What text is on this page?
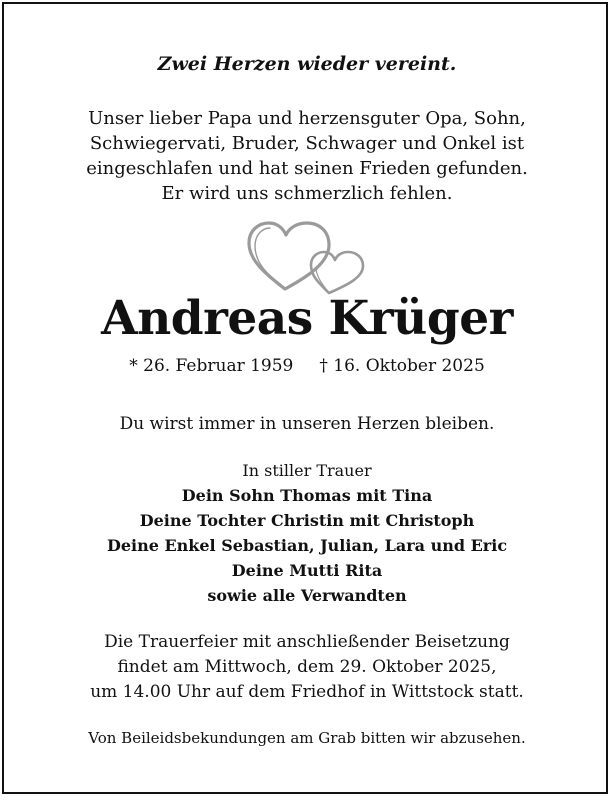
Zwei Herzen wieder vereint.
Unser lieber Papa und herzensguter Opa, Sohn,
Schwiegervati, Bruder, Schwager und Onkel ist
eingeschlafen und hat seinen Frieden gefunden.
Er wird uns schmerzlich fehlen.
Andreas Krüger
* 26. Februar 1959 † 16. Oktober 2025
Du wirst immer in unseren Herzen bleiben.
In stiller Trauer
Dein Sohn Thomas mit Tina
Deine Tochter Christin mit Christoph
Deine Enkel Sebastian, Julian, Lara und Eric
Deine Mutti Rita
sowie alle Verwandten
Die Trauerfeier mit anschließender Beisetzung
findet am Mittwoch, dem 29. Oktober 2025,
um 14.00 Uhr auf dem Friedhof in Wittstock statt.
Von Beileidsbekundungen am Grab bitten wir abzusehen.
